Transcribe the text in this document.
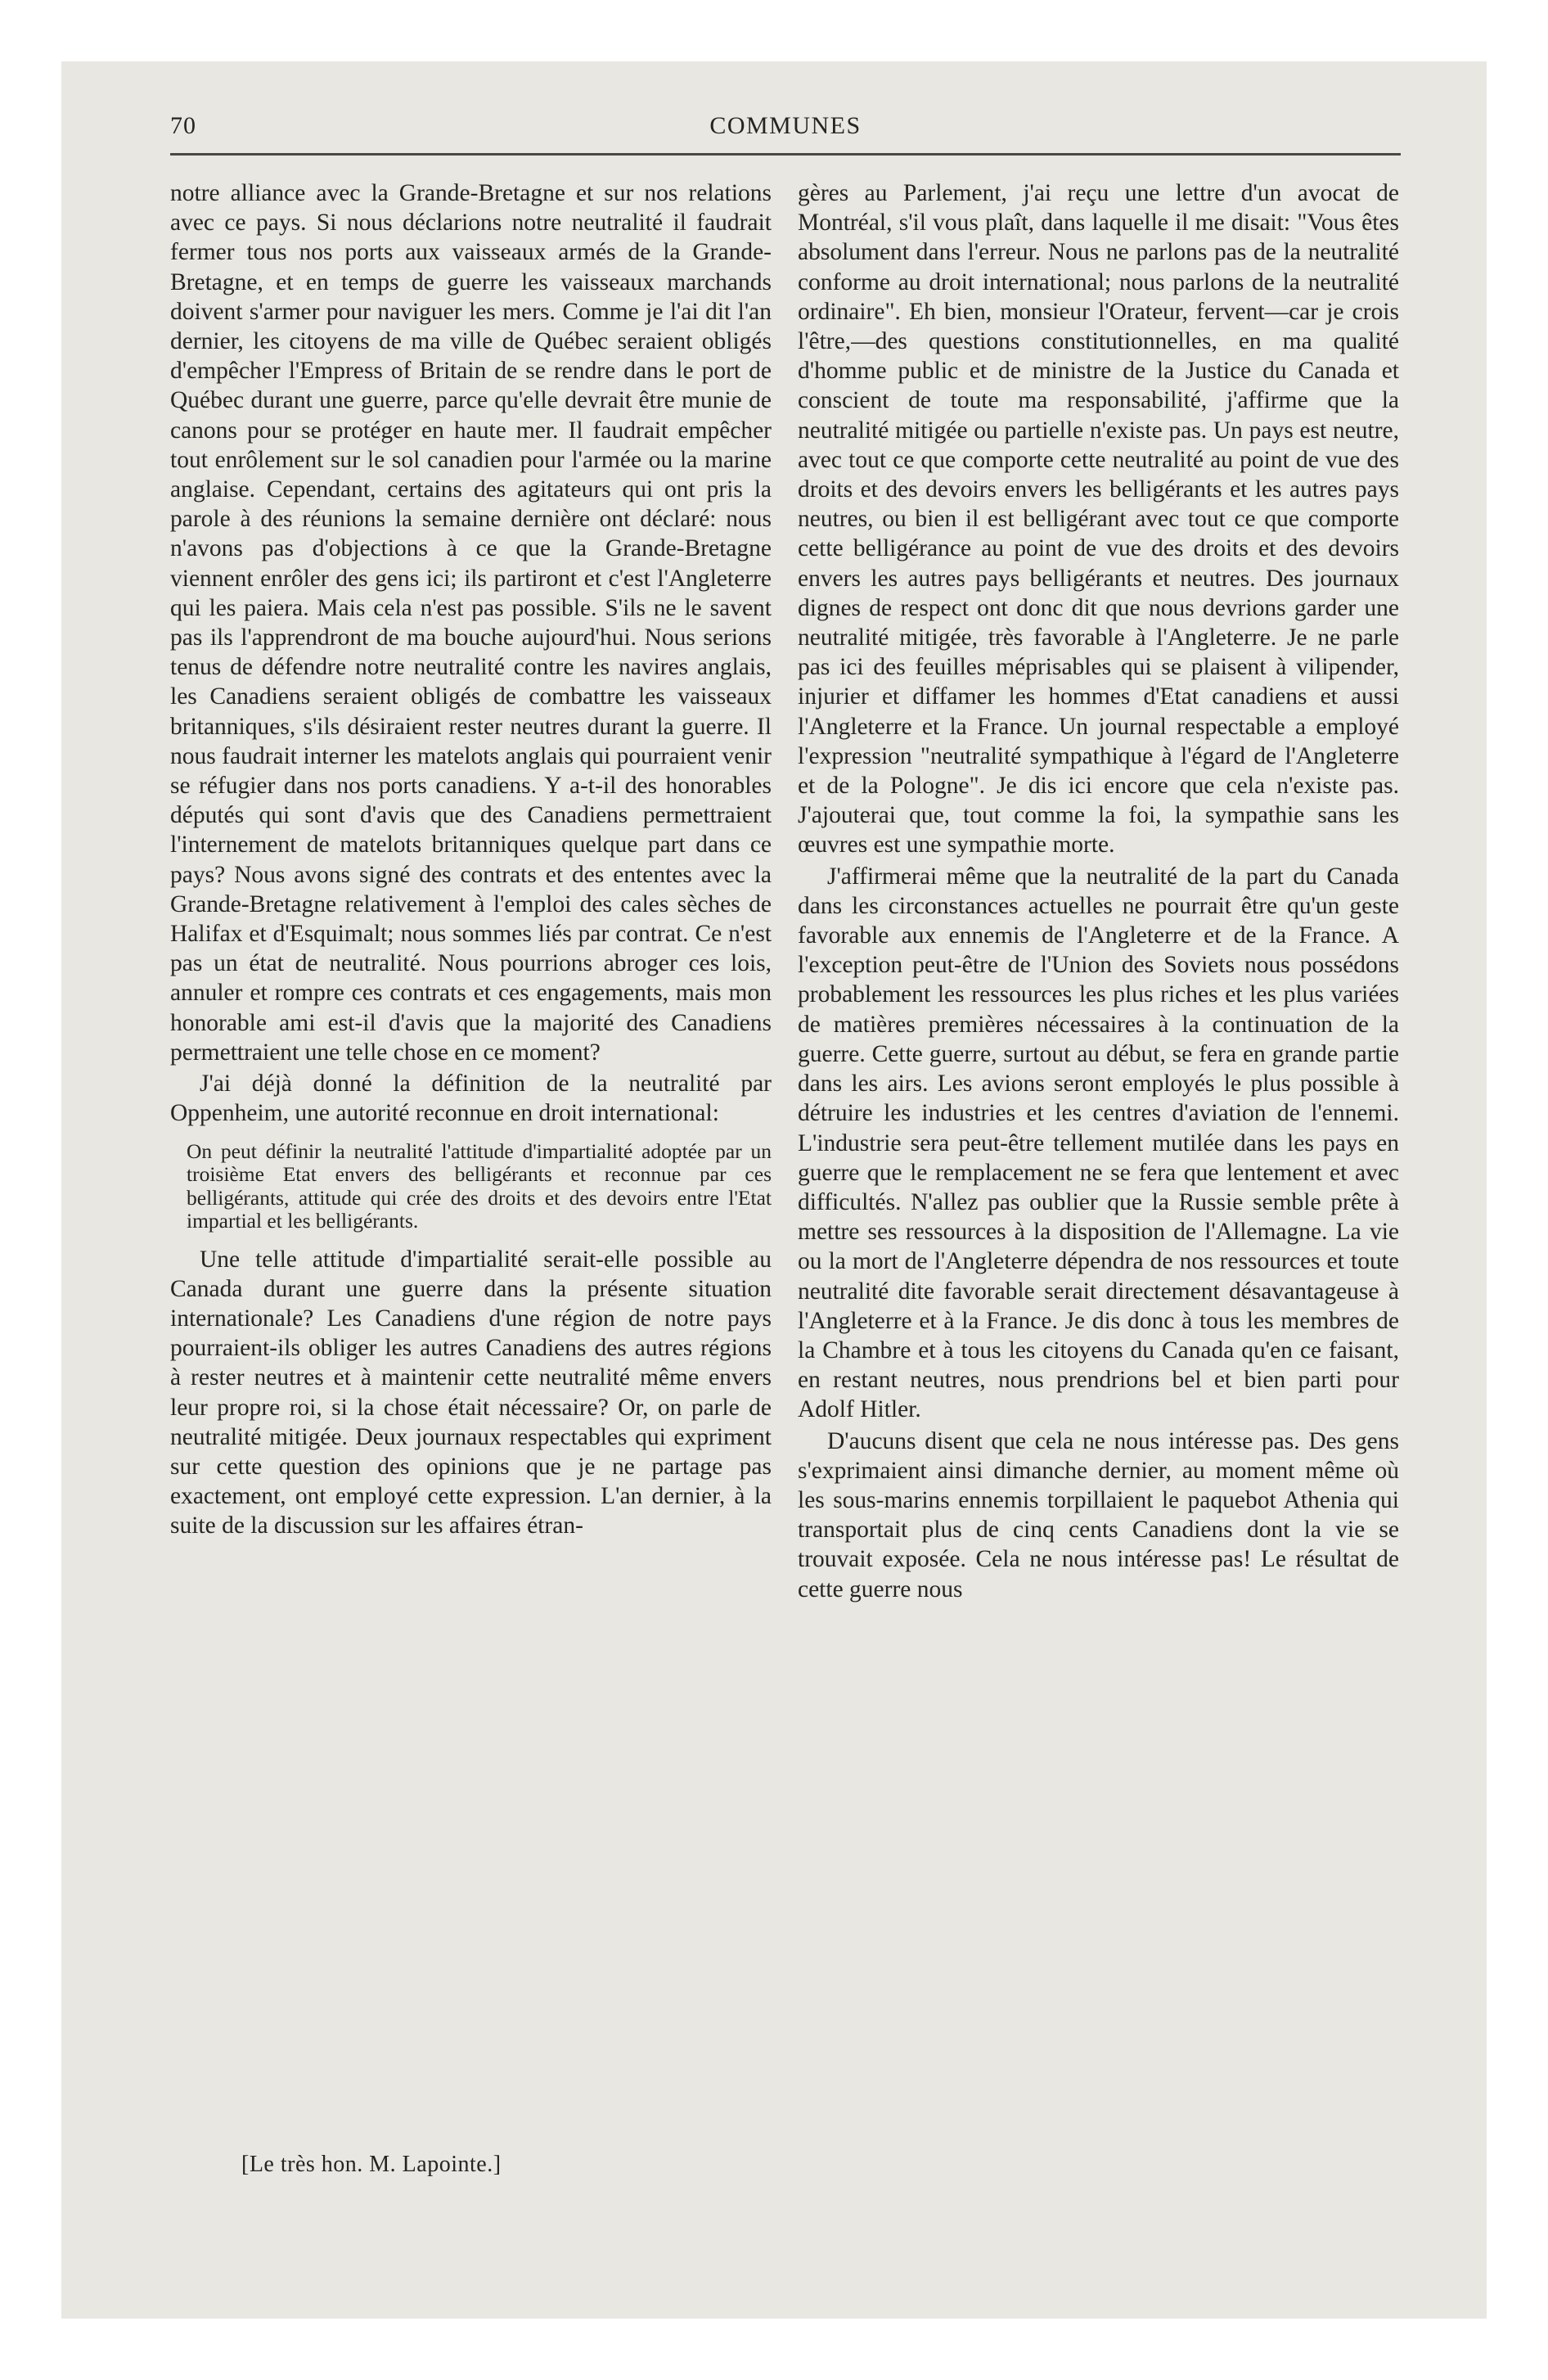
70	COMMUNES

notre alliance avec la Grande-Bretagne et sur nos relations avec ce pays. Si nous déclarions notre neutralité il faudrait fermer tous nos ports aux vaisseaux armés de la Grande-Bretagne, et en temps de guerre les vaisseaux marchands doivent s'armer pour naviguer les mers. Comme je l'ai dit l'an dernier, les citoyens de ma ville de Québec seraient obligés d'empêcher l'Empress of Britain de se rendre dans le port de Québec durant une guerre, parce qu'elle devrait être munie de canons pour se protéger en haute mer. Il faudrait empêcher tout enrôlement sur le sol canadien pour l'armée ou la marine anglaise. Cependant, certains des agitateurs qui ont pris la parole à des réunions la semaine dernière ont déclaré: nous n'avons pas d'objections à ce que la Grande-Bretagne viennent enrôler des gens ici; ils partiront et c'est l'Angleterre qui les paiera. Mais cela n'est pas possible. S'ils ne le savent pas ils l'apprendront de ma bouche aujourd'hui. Nous serions tenus de défendre notre neutralité contre les navires anglais, les Canadiens seraient obligés de combattre les vaisseaux britanniques, s'ils désiraient rester neutres durant la guerre. Il nous faudrait interner les matelots anglais qui pourraient venir se réfugier dans nos ports canadiens. Y a-t-il des honorables députés qui sont d'avis que des Canadiens permettraient l'internement de matelots britanniques quelque part dans ce pays? Nous avons signé des contrats et des ententes avec la Grande-Bretagne relativement à l'emploi des cales sèches de Halifax et d'Esquimalt; nous sommes liés par contrat. Ce n'est pas un état de neutralité. Nous pourrions abroger ces lois, annuler et rompre ces contrats et ces engagements, mais mon honorable ami est-il d'avis que la majorité des Canadiens permettraient une telle chose en ce moment?

J'ai déjà donné la définition de la neutralité par Oppenheim, une autorité reconnue en droit international:

On peut définir la neutralité l'attitude d'impartialité adoptée par un troisième Etat envers des belligérants et reconnue par ces belligérants, attitude qui crée des droits et des devoirs entre l'Etat impartial et les belligérants.

Une telle attitude d'impartialité serait-elle possible au Canada durant une guerre dans la présente situation internationale? Les Canadiens d'une région de notre pays pourraient-ils obliger les autres Canadiens des autres régions à rester neutres et à maintenir cette neutralité même envers leur propre roi, si la chose était nécessaire? Or, on parle de neutralité mitigée. Deux journaux respectables qui expriment sur cette question des opinions que je ne partage pas exactement, ont employé cette expression. L'an dernier, à la suite de la discussion sur les affaires étran-

gères au Parlement, j'ai reçu une lettre d'un avocat de Montréal, s'il vous plaît, dans laquelle il me disait: "Vous êtes absolument dans l'erreur. Nous ne parlons pas de la neutralité conforme au droit international; nous parlons de la neutralité ordinaire". Eh bien, monsieur l'Orateur, fervent—car je crois l'être,—des questions constitutionnelles, en ma qualité d'homme public et de ministre de la Justice du Canada et conscient de toute ma responsabilité, j'affirme que la neutralité mitigée ou partielle n'existe pas. Un pays est neutre, avec tout ce que comporte cette neutralité au point de vue des droits et des devoirs envers les belligérants et les autres pays neutres, ou bien il est belligérant avec tout ce que comporte cette belligérance au point de vue des droits et des devoirs envers les autres pays belligérants et neutres. Des journaux dignes de respect ont donc dit que nous devrions garder une neutralité mitigée, très favorable à l'Angleterre. Je ne parle pas ici des feuilles méprisables qui se plaisent à vilipender, injurier et diffamer les hommes d'Etat canadiens et aussi l'Angleterre et la France. Un journal respectable a employé l'expression "neutralité sympathique à l'égard de l'Angleterre et de la Pologne". Je dis ici encore que cela n'existe pas. J'ajouterai que, tout comme la foi, la sympathie sans les œuvres est une sympathie morte.

J'affirmerai même que la neutralité de la part du Canada dans les circonstances actuelles ne pourrait être qu'un geste favorable aux ennemis de l'Angleterre et de la France. A l'exception peut-être de l'Union des Soviets nous possédons probablement les ressources les plus riches et les plus variées de matières premières nécessaires à la continuation de la guerre. Cette guerre, surtout au début, se fera en grande partie dans les airs. Les avions seront employés le plus possible à détruire les industries et les centres d'aviation de l'ennemi. L'industrie sera peut-être tellement mutilée dans les pays en guerre que le remplacement ne se fera que lentement et avec difficultés. N'allez pas oublier que la Russie semble prête à mettre ses ressources à la disposition de l'Allemagne. La vie ou la mort de l'Angleterre dépendra de nos ressources et toute neutralité dite favorable serait directement désavantageuse à l'Angleterre et à la France. Je dis donc à tous les membres de la Chambre et à tous les citoyens du Canada qu'en ce faisant, en restant neutres, nous prendrions bel et bien parti pour Adolf Hitler.

D'aucuns disent que cela ne nous intéresse pas. Des gens s'exprimaient ainsi dimanche dernier, au moment même où les sous-marins ennemis torpillaient le paquebot Athenia qui transportait plus de cinq cents Canadiens dont la vie se trouvait exposée. Cela ne nous intéresse pas! Le résultat de cette guerre nous

[Le très hon. M. Lapointe.]
